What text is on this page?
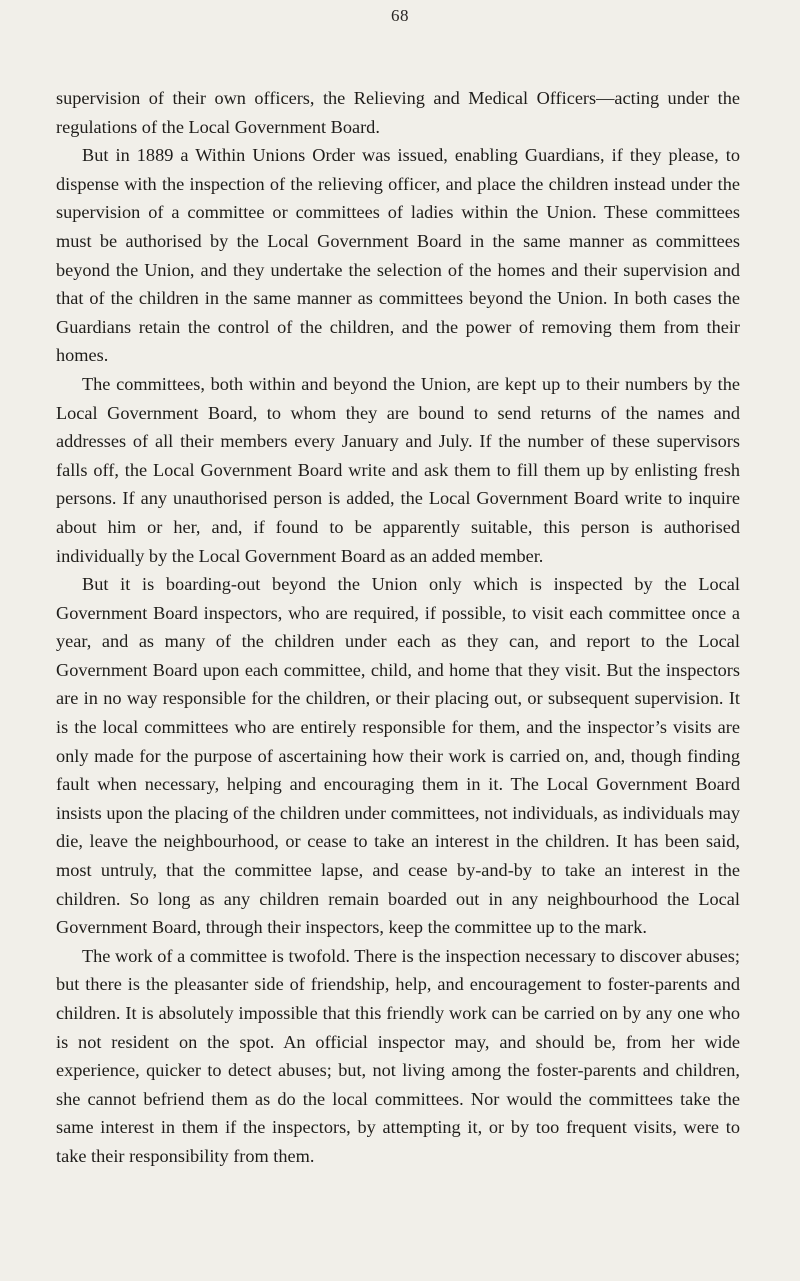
68

supervision of their own officers, the Relieving and Medical Officers—acting under the regulations of the Local Government Board.

But in 1889 a Within Unions Order was issued, enabling Guardians, if they please, to dispense with the inspection of the relieving officer, and place the children instead under the supervision of a committee or committees of ladies within the Union. These committees must be authorised by the Local Government Board in the same manner as committees beyond the Union, and they undertake the selection of the homes and their supervision and that of the children in the same manner as committees beyond the Union. In both cases the Guardians retain the control of the children, and the power of removing them from their homes.

The committees, both within and beyond the Union, are kept up to their numbers by the Local Government Board, to whom they are bound to send returns of the names and addresses of all their members every January and July. If the number of these supervisors falls off, the Local Government Board write and ask them to fill them up by enlisting fresh persons. If any unauthorised person is added, the Local Government Board write to inquire about him or her, and, if found to be apparently suitable, this person is authorised individually by the Local Government Board as an added member.

But it is boarding-out beyond the Union only which is inspected by the Local Government Board inspectors, who are required, if possible, to visit each committee once a year, and as many of the children under each as they can, and report to the Local Government Board upon each committee, child, and home that they visit. But the inspectors are in no way responsible for the children, or their placing out, or subsequent supervision. It is the local committees who are entirely responsible for them, and the inspector’s visits are only made for the purpose of ascertaining how their work is carried on, and, though finding fault when necessary, helping and encouraging them in it. The Local Government Board insists upon the placing of the children under committees, not individuals, as individuals may die, leave the neighbourhood, or cease to take an interest in the children. It has been said, most untruly, that the committee lapse, and cease by-and-by to take an interest in the children. So long as any children remain boarded out in any neighbourhood the Local Government Board, through their inspectors, keep the committee up to the mark.

The work of a committee is twofold. There is the inspection necessary to discover abuses; but there is the pleasanter side of friendship, help, and encouragement to foster-parents and children. It is absolutely impossible that this friendly work can be carried on by any one who is not resident on the spot. An official inspector may, and should be, from her wide experience, quicker to detect abuses; but, not living among the foster-parents and children, she cannot befriend them as do the local committees. Nor would the committees take the same interest in them if the inspectors, by attempting it, or by too frequent visits, were to take their responsibility from them.
